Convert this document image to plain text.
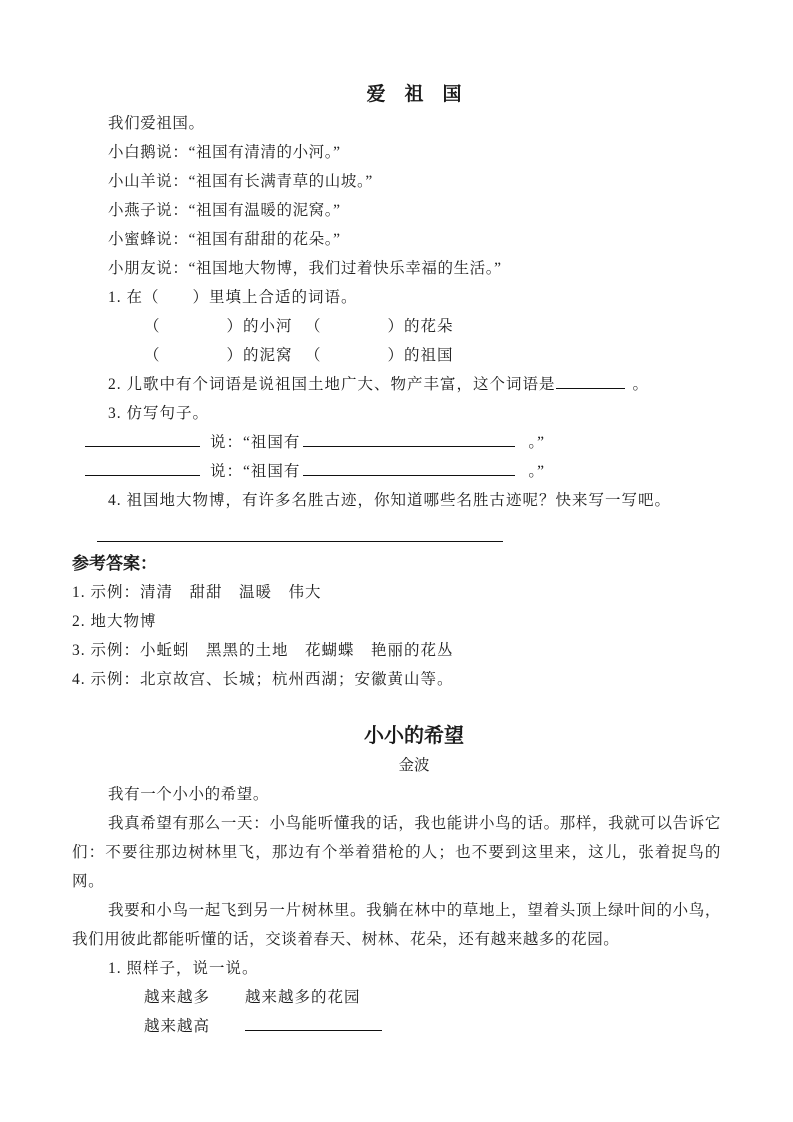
爱　祖　国

我们爱祖国。

小白鹅说：“祖国有清清的小河。”

小山羊说：“祖国有长满青草的山坡。”

小燕子说：“祖国有温暖的泥窝。”

小蜜蜂说：“祖国有甜甜的花朵。”

小朋友说：“祖国地大物博，我们过着快乐幸福的生活。”

1. 在（　　）里填上合适的词语。

（　　　　）的小河 （　　　　）的花朵

（　　　　）的泥窝 （　　　　）的祖国

2. 儿歌中有个词语是说祖国土地广大、物产丰富，这个词语是	。

3. 仿写句子。

说：“祖国有	。”

说：“祖国有	。”

4. 祖国地大物博，有许多名胜古迹，你知道哪些名胜古迹呢？快来写一写吧。

参考答案：

1. 示例：清清　甜甜　温暖　伟大

2. 地大物博

3. 示例：小蚯蚓　黑黑的土地　花蝴蝶　艳丽的花丛

4. 示例：北京故宫、长城；杭州西湖；安徽黄山等。

小小的希望

金波

我有一个小小的希望。

我真希望有那么一天：小鸟能听懂我的话，我也能讲小鸟的话。那样，我就可以告诉它们：不要往那边树林里飞，那边有个举着猎枪的人；也不要到这里来，这儿，张着捉鸟的网。

我要和小鸟一起飞到另一片树林里。我躺在林中的草地上，望着头顶上绿叶间的小鸟，我们用彼此都能听懂的话，交谈着春天、树林、花朵，还有越来越多的花园。

1. 照样子，说一说。

越来越多 越来越多的花园

越来越高
